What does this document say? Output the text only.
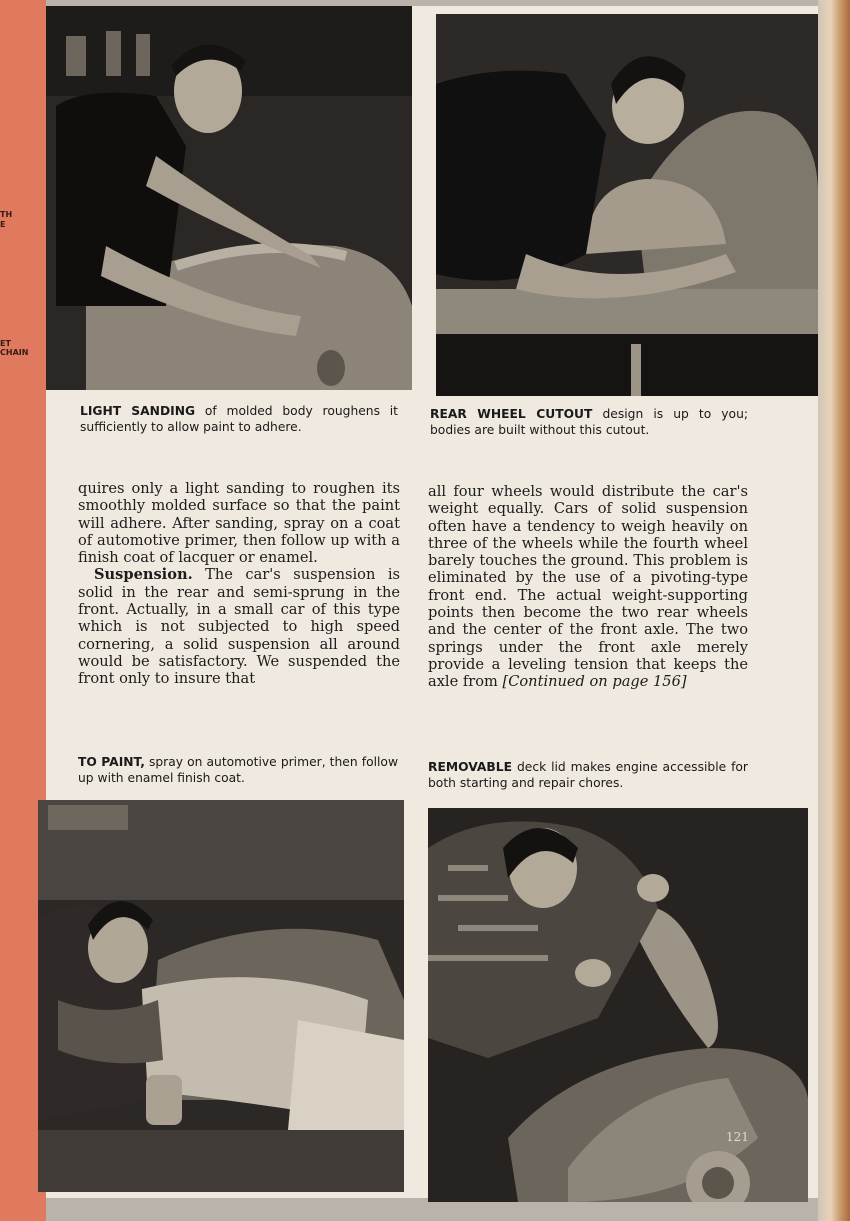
TH
E
ET
CHAIN
LIGHT SANDING of molded body roughens it sufficiently to allow paint to adhere.
REAR WHEEL CUTOUT design is up to you; bodies are built without this cutout.

quires only a light sanding to roughen its smoothly molded surface so that the paint will adhere. After sanding, spray on a coat of automotive primer, then follow up with a finish coat of lacquer or enamel.

Suspension. The car's suspension is solid in the rear and semi-sprung in the front. Actually, in a small car of this type which is not subjected to high speed cornering, a solid suspension all around would be satisfactory. We suspended the front only to insure that

all four wheels would distribute the car's weight equally. Cars of solid suspension often have a tendency to weigh heavily on three of the wheels while the fourth wheel barely touches the ground. This problem is eliminated by the use of a pivoting-type front end. The actual weight-supporting points then become the two rear wheels and the center of the front axle. The two springs under the front axle merely provide a leveling tension that keeps the axle from [Continued on page 156]

TO PAINT, spray on automotive primer, then follow up with enamel finish coat.
REMOVABLE deck lid makes engine accessible for both starting and repair chores.
121
